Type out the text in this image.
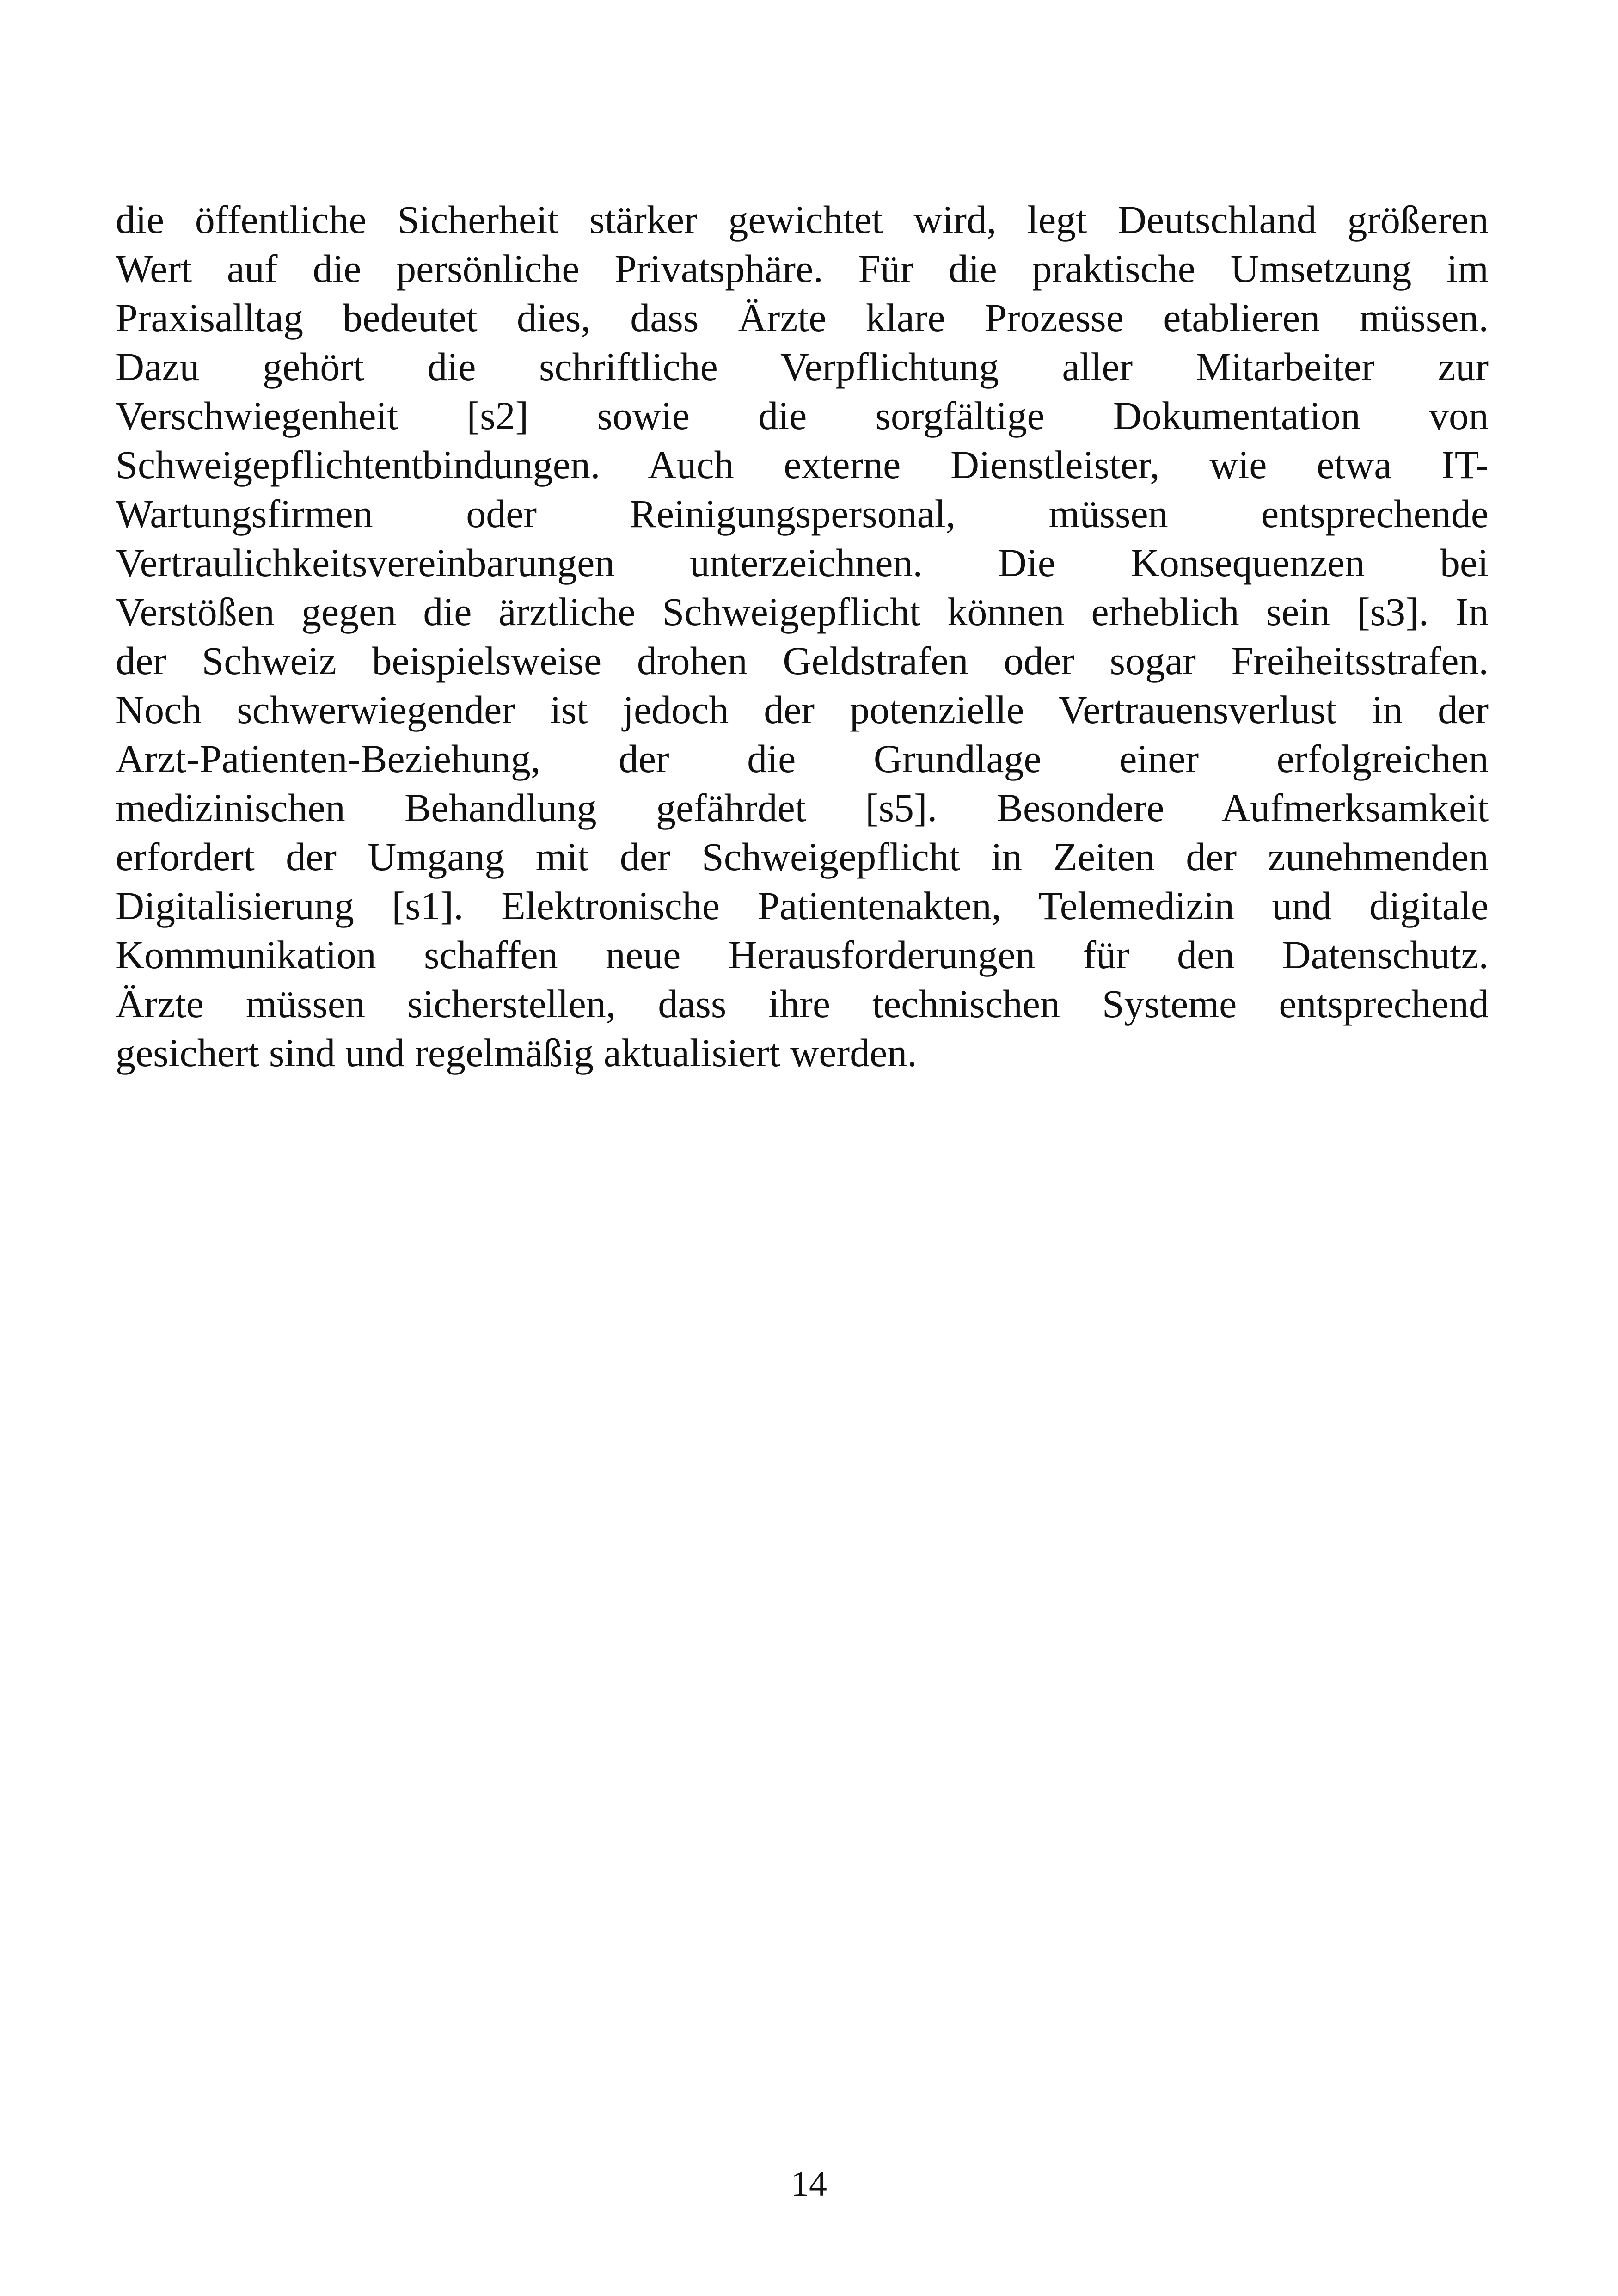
die öffentliche Sicherheit stärker gewichtet wird, legt Deutschland größeren
Wert auf die persönliche Privatsphäre. Für die praktische Umsetzung im
Praxisalltag bedeutet dies, dass Ärzte klare Prozesse etablieren müssen.
Dazu gehört die schriftliche Verpflichtung aller Mitarbeiter zur
Verschwiegenheit [s2] sowie die sorgfältige Dokumentation von
Schweigepflichtentbindungen. Auch externe Dienstleister, wie etwa IT-
Wartungsfirmen oder Reinigungspersonal, müssen entsprechende
Vertraulichkeitsvereinbarungen unterzeichnen. Die Konsequenzen bei
Verstößen gegen die ärztliche Schweigepflicht können erheblich sein [s3]. In
der Schweiz beispielsweise drohen Geldstrafen oder sogar Freiheitsstrafen.
Noch schwerwiegender ist jedoch der potenzielle Vertrauensverlust in der
Arzt-Patienten-Beziehung, der die Grundlage einer erfolgreichen
medizinischen Behandlung gefährdet [s5]. Besondere Aufmerksamkeit
erfordert der Umgang mit der Schweigepflicht in Zeiten der zunehmenden
Digitalisierung [s1]. Elektronische Patientenakten, Telemedizin und digitale
Kommunikation schaffen neue Herausforderungen für den Datenschutz.
Ärzte müssen sicherstellen, dass ihre technischen Systeme entsprechend
gesichert sind und regelmäßig aktualisiert werden.
14
